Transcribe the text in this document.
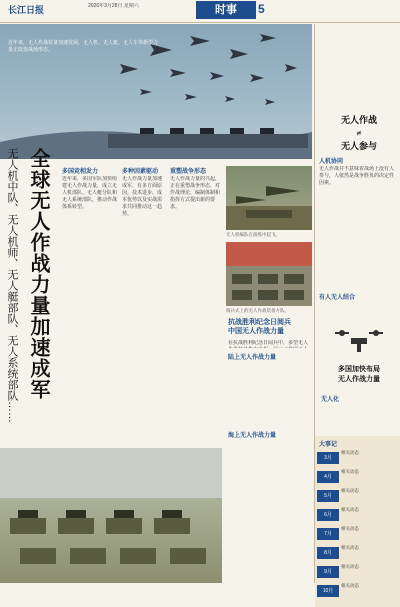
长江日报	2026年3月28日 星期六	时事	5
近年来，无人作战装备加速发展，无人机、无人艇、无人车等新型力量正改变战场形态。
全球无人作战力量加速成军
无人机中队、无人机师、无人艇部队、无人系统部队……	多国竞相发力
近年来，多国军队加快组建无人作战力量，成立无人机部队、无人艇分队和无人系统部队，推动作战体系转型。
多种因素驱动
无人作战力量加速成军，有多方面原因。技术进步、成本优势以及实战需求共同推动这一趋势。
重塑战争形态
无人作战力量的兴起，正在重塑战争形态，对作战理论、编制体制和指挥方式提出新的要求。
无人机编队在演练中起飞。
阅兵式上的无人作战装备方队。
抗战胜利纪念日阅兵
中国无人作战力量
在抗战胜利纪念日阅兵中，多型无人
陆上无人作战力量
海上无人作战力量
无人作战
≠
无人参与
人机协同
无人作战并不意味着战场上没有人参与，人依然是战争胜负的决定性因素。
有人无人结合
多国加快布局
无人作战力量
无人化
大事记
3月
相关动态
4月
相关动态
5月
相关动态
6月
相关动态
7月
相关动态
8月
相关动态
9月
相关动态
10月
相关动态
